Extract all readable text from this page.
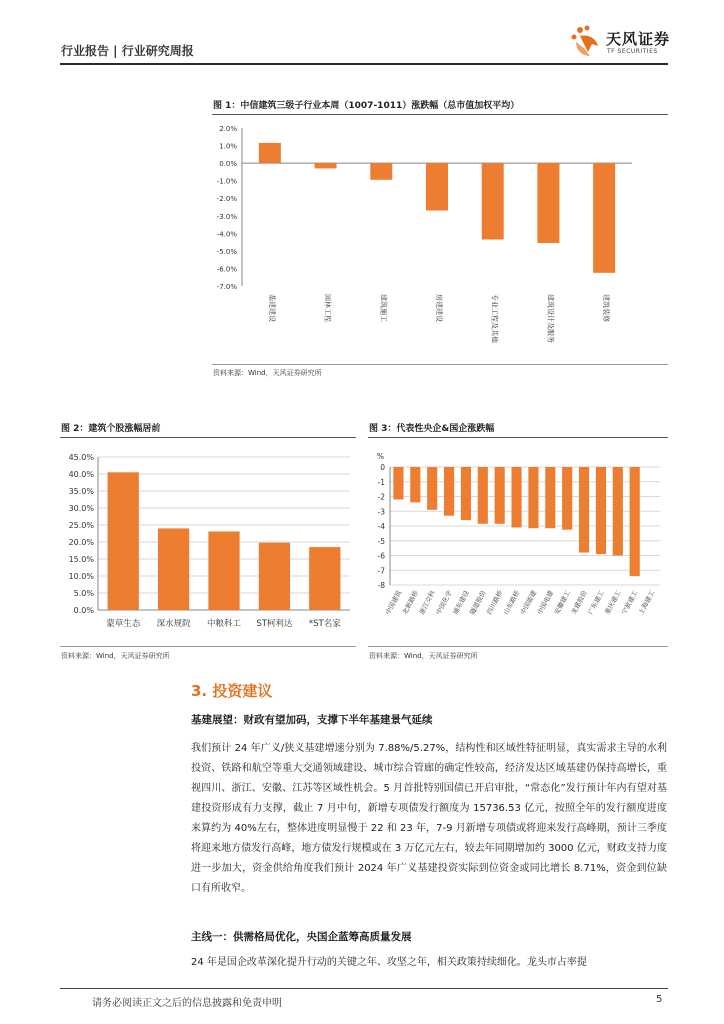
行业报告 | 行业研究周报
天风证券
TF SECURITIES
图 1：中信建筑三级子行业本周（1007-1011）涨跌幅（总市值加权平均）
2.0%
1.0%
0.0%
-1.0%
-2.0%
-3.0%
-4.0%
-5.0%
-6.0%
-7.0%
基建建设	园林工程	建筑施工	房建建设	专业工程及其他	建筑设计及服务	建筑装修
资料来源：Wind，天风证券研究所
图 2：建筑个股涨幅居前
45.0%
40.0%
35.0%
30.0%
25.0%
20.0%
15.0%
10.0%
5.0%
0.0%
蒙草生态 深水规院 中粮科工 ST柯利达 *ST名家
资料来源：Wind，天风证券研究所
图 3：代表性央企&国企涨跌幅
0
-1
-2
-3
-4
-5
-6
-7
-8
%
中国建筑
北新路桥
浙江交科
中国化学
浦东建设
隧道股份
四川路桥
山东路桥
中国能建
中国电建
安徽建工
龙建股份
广东建工
重庆建工
宁波建工
上海建工
资料来源：Wind，天风证券研究所
3. 投资建议
基建展望：财政有望加码，支撑下半年基建景气延续
我们预计 24 年广义/狭义基建增速分别为 7.88%/5.27%，结构性和区域性特征明显，真实需求主导的水利投资、铁路和航空等重大交通领域建设、城市综合管廊的确定性较高，经济发达区域基建仍保持高增长，重视四川、浙江、安徽、江苏等区域性机会。5 月首批特别国债已开启审批，“常态化”发行预计年内有望对基建投资形成有力支撑，截止 7 月中旬，新增专项债发行额度为 15736.53 亿元，按照全年的发行额度进度来算约为 40%左右，整体进度明显慢于 22 和 23 年，7-9 月新增专项债或将迎来发行高峰期，预计三季度将迎来地方债发行高峰，地方债发行规模或在 3 万亿元左右，较去年同期增加约 3000 亿元，财政支持力度进一步加大，资金供给角度我们预计 2024 年广义基建投资实际到位资金或同比增长 8.71%，资金到位缺口有所收窄。
主线一：供需格局优化，央国企蓝筹高质量发展
24 年是国企改革深化提升行动的关键之年、攻坚之年，相关政策持续细化。龙头市占率提
请务必阅读正文之后的信息披露和免责申明	5
